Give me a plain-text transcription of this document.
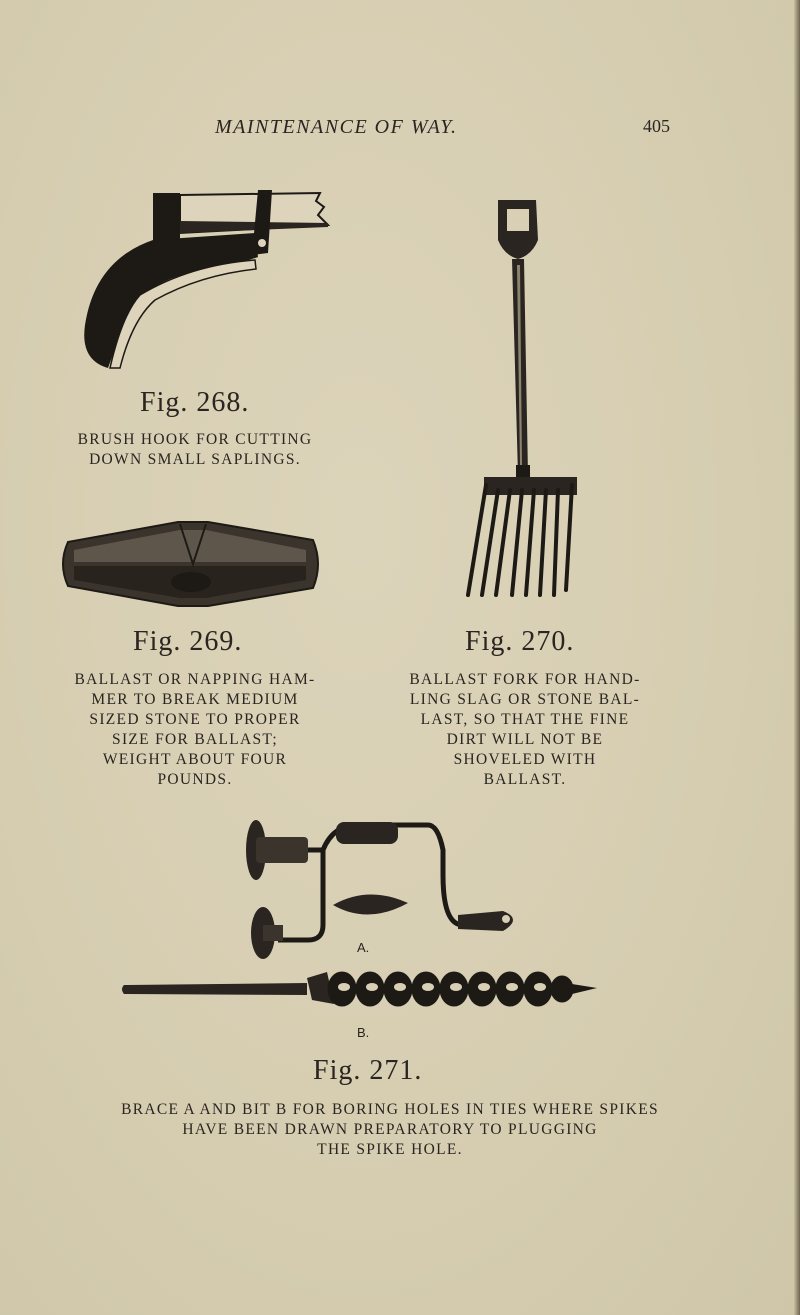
MAINTENANCE OF WAY.	405
Fig. 268.
BRUSH HOOK FOR CUTTING
DOWN SMALL SAPLINGS.
Fig. 269.
BALLAST OR NAPPING HAM-
MER TO BREAK MEDIUM
SIZED STONE TO PROPER
SIZE FOR BALLAST;
WEIGHT ABOUT FOUR
POUNDS.
Fig. 270.
BALLAST FORK FOR HAND-
LING SLAG OR STONE BAL-
LAST, SO THAT THE FINE
DIRT WILL NOT BE
SHOVELED WITH
BALLAST.
A.
B.
Fig. 271.
BRACE A AND BIT B FOR BORING HOLES IN TIES WHERE SPIKES
HAVE BEEN DRAWN PREPARATORY TO PLUGGING
THE SPIKE HOLE.
